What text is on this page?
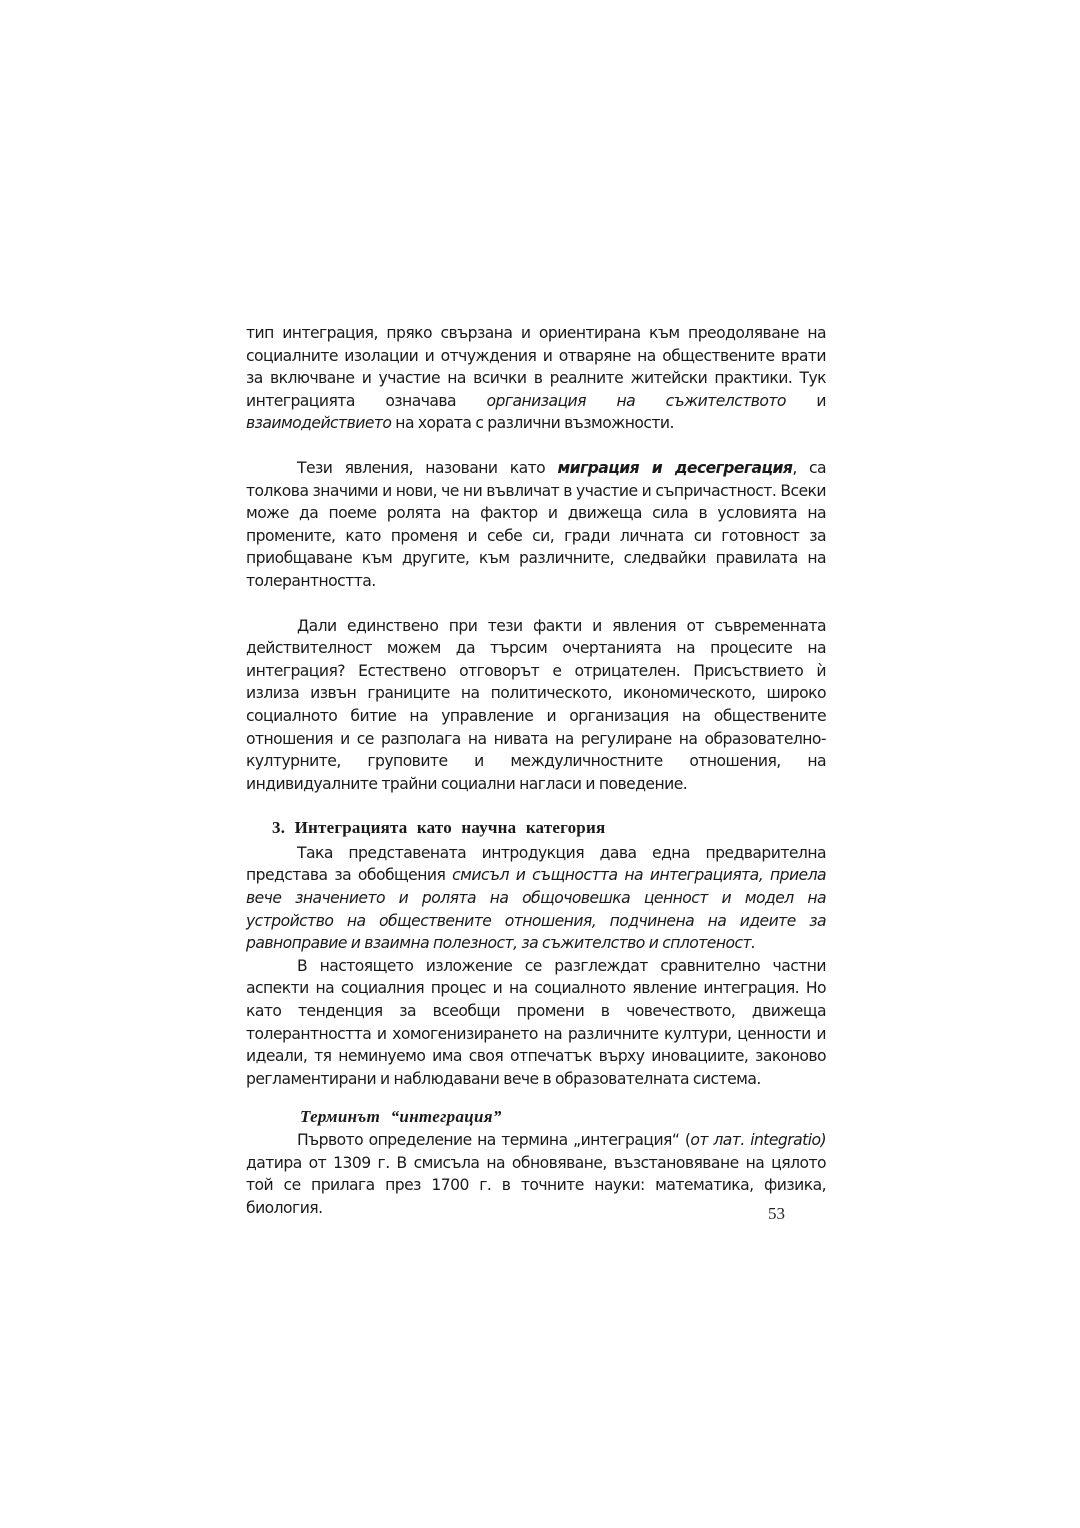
тип интеграция, пряко свързана и ориентирана към преодоляване на социалните изолации и отчуждения и отваряне на обществените врати за включване и участие на всички в реалните житейски практики. Тук интеграцията означава организация на съжителството и взаимодействието на хората с различни възможности.

Тези явления, назовани като миграция и десегрегация, са толкова значими и нови, че ни въвличат в участие и съпричастност. Всеки може да поеме ролята на фактор и движеща сила в условията на промените, като променя и себе си, гради личната си готовност за приобщаване към другите, към различните, следвайки правилата на толерантността.

Дали единствено при тези факти и явления от съвременната действителност можем да търсим очертанията на процесите на интеграция? Естествено отговорът е отрицателен. Присъствието ѝ излиза извън границите на политическото, икономическото, широко социалното битие на управление и организация на обществените отношения и се разполага на нивата на регулиране на образователно-културните, груповите и междуличностните отношения, на индивидуалните трайни социални нагласи и поведение.

3. Интеграцията като научна категория

Така представената интродукция дава една предварителна представа за обобщения смисъл и същността на интеграцията, приела вече значението и ролята на общочовешка ценност и модел на устройство на обществените отношения, подчинена на идеите за равноправие и взаимна полезност, за съжителство и сплотеност.

В настоящето изложение се разглеждат сравнително частни аспекти на социалния процес и на социалното явление интеграция. Но като тенденция за всеобщи промени в човечеството, движеща толерантността и хомогенизирането на различните култури, ценности и идеали, тя неминуемо има своя отпечатък върху иновациите, законово регламентирани и наблюдавани вече в образователната система.

Терминът “интеграция”

Първото определение на термина „интеграция“ (от лат. integratio) датира от 1309 г. В смисъла на обновяване, възстановяване на цялото той се прилага през 1700 г. в точните науки: математика, физика, биология.	53
